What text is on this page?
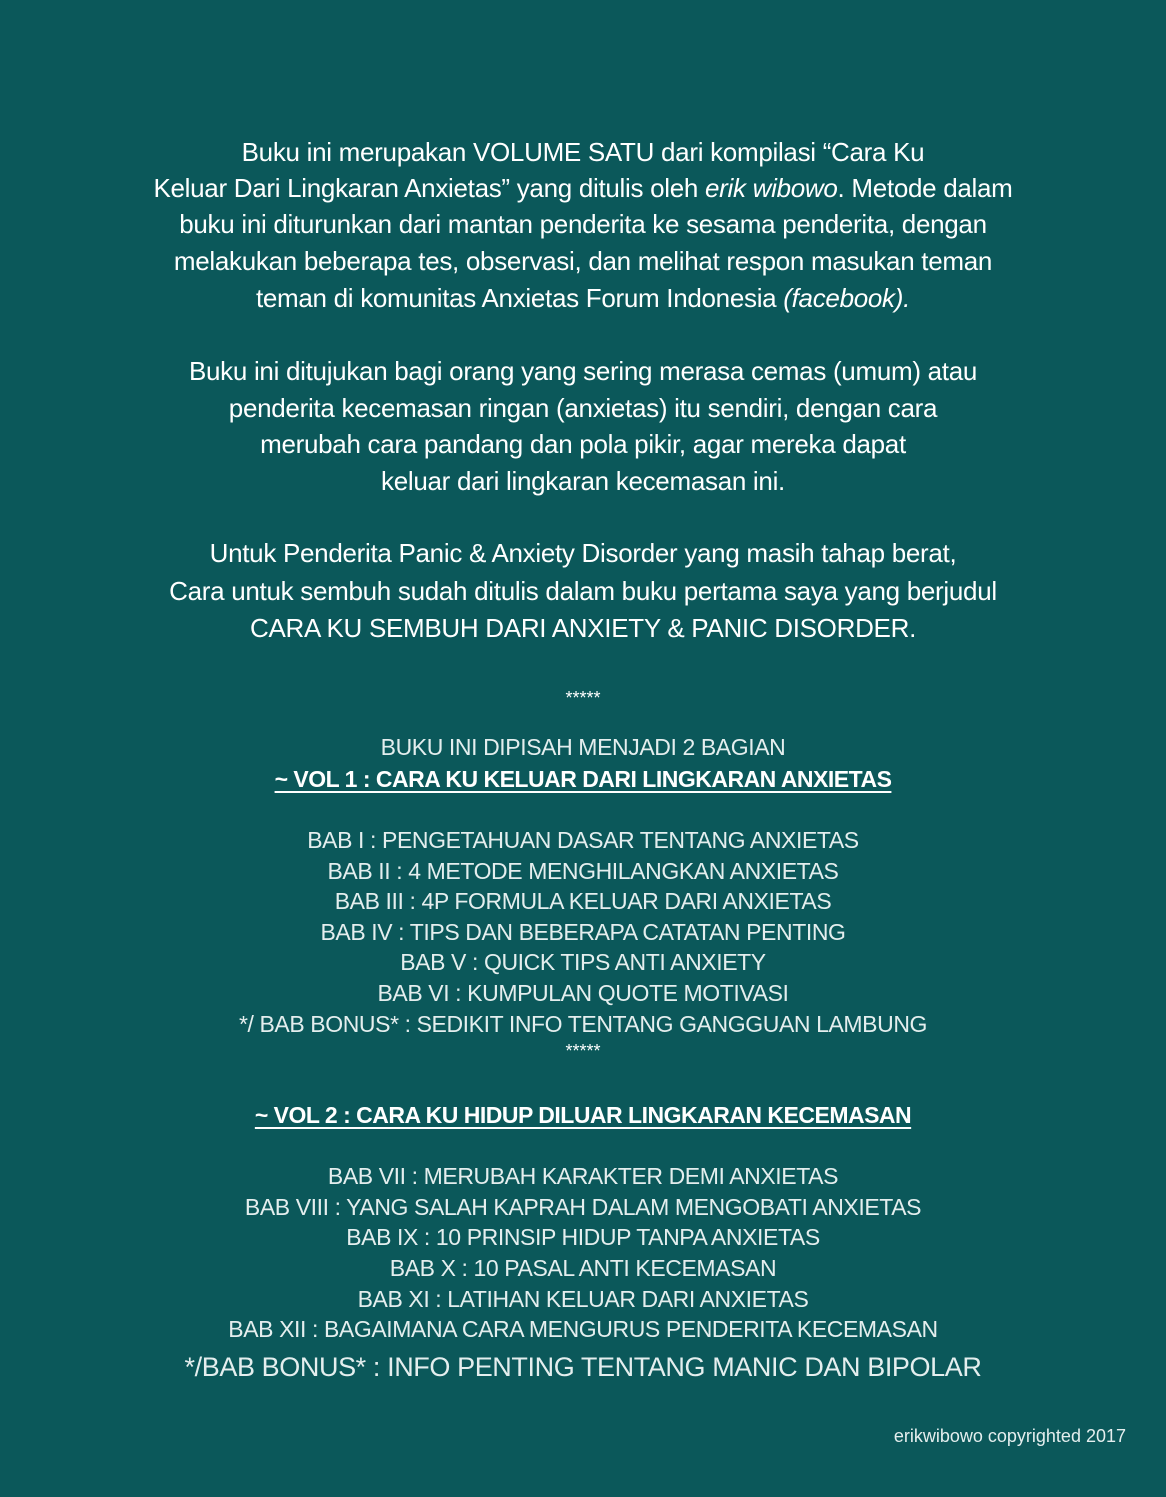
Buku ini merupakan VOLUME SATU dari kompilasi “Cara Ku
Keluar Dari Lingkaran Anxietas” yang ditulis oleh erik wibowo. Metode dalam
buku ini diturunkan dari mantan penderita ke sesama penderita, dengan
melakukan beberapa tes, observasi, dan melihat respon masukan teman
teman di komunitas Anxietas Forum Indonesia (facebook).
Buku ini ditujukan bagi orang yang sering merasa cemas (umum) atau
penderita kecemasan ringan (anxietas) itu sendiri, dengan cara
merubah cara pandang dan pola pikir, agar mereka dapat
keluar dari lingkaran kecemasan ini.
Untuk Penderita Panic & Anxiety Disorder yang masih tahap berat,
Cara untuk sembuh sudah ditulis dalam buku pertama saya yang berjudul
CARA KU SEMBUH DARI ANXIETY & PANIC DISORDER.
*****
BUKU INI DIPISAH MENJADI 2 BAGIAN
~ VOL 1 : CARA KU KELUAR DARI LINGKARAN ANXIETAS
BAB I : PENGETAHUAN DASAR TENTANG ANXIETAS
BAB II : 4 METODE MENGHILANGKAN ANXIETAS
BAB III : 4P FORMULA KELUAR DARI ANXIETAS
BAB IV : TIPS DAN BEBERAPA CATATAN PENTING
BAB V : QUICK TIPS ANTI ANXIETY
BAB VI : KUMPULAN QUOTE MOTIVASI
*/ BAB BONUS* : SEDIKIT INFO TENTANG GANGGUAN LAMBUNG
*****
~ VOL 2 : CARA KU HIDUP DILUAR LINGKARAN KECEMASAN
BAB VII : MERUBAH KARAKTER DEMI ANXIETAS
BAB VIII : YANG SALAH KAPRAH DALAM MENGOBATI ANXIETAS
BAB IX : 10 PRINSIP HIDUP TANPA ANXIETAS
BAB X : 10 PASAL ANTI KECEMASAN
BAB XI : LATIHAN KELUAR DARI ANXIETAS
BAB XII : BAGAIMANA CARA MENGURUS PENDERITA KECEMASAN
*/BAB BONUS* : INFO PENTING TENTANG MANIC DAN BIPOLAR
erikwibowo copyrighted 2017
